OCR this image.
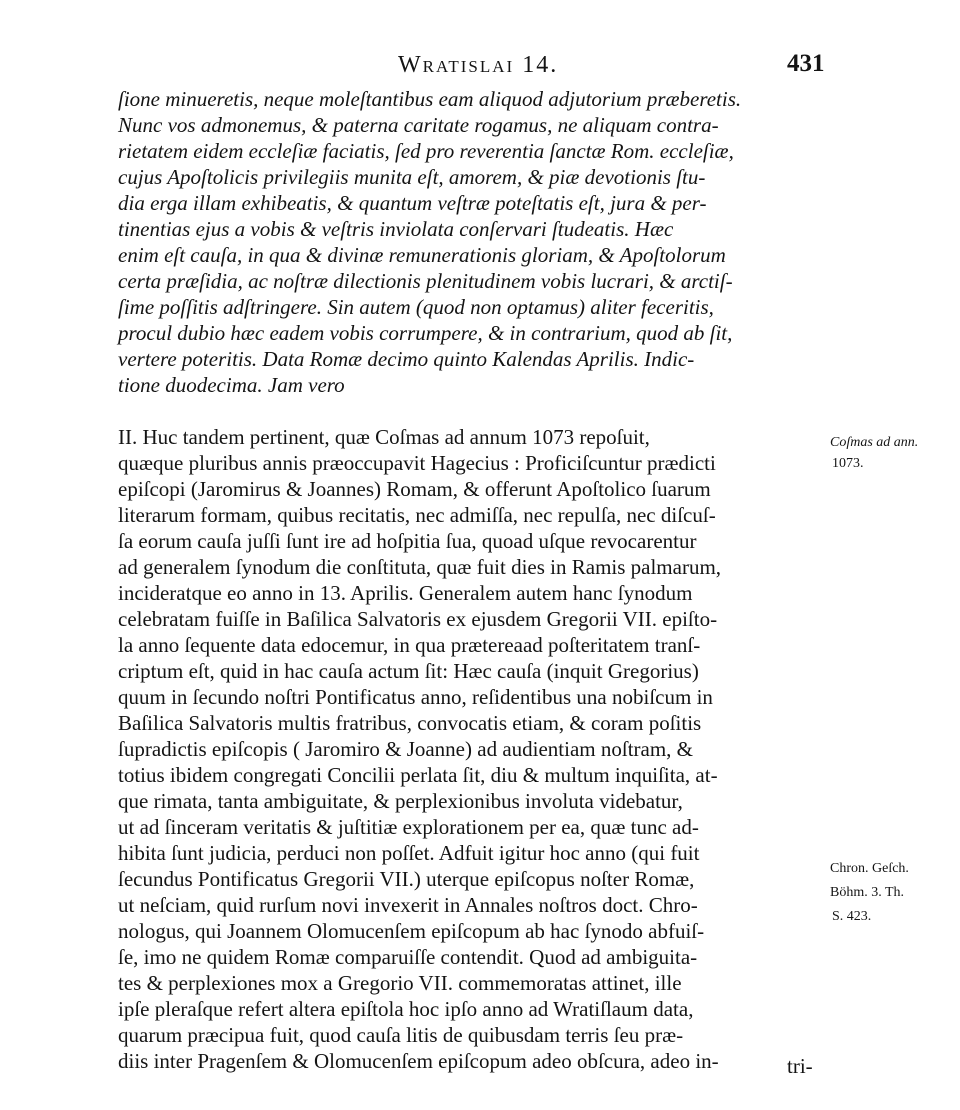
Wratislai 14.	431
ſione minueretis, neque moleſtantibus eam aliquod adjutorium præberetis.
Nunc vos admonemus, & paterna caritate rogamus, ne aliquam contra-
rietatem eidem eccleſiæ faciatis, ſed pro reverentia ſanctæ Rom. eccleſiæ,
cujus Apoſtolicis privilegiis munita eſt, amorem, & piæ devotionis ſtu-
dia erga illam exhibeatis, & quantum veſtræ poteſtatis eſt, jura & per-
tinentias ejus a vobis & veſtris inviolata conſervari ſtudeatis. Hæc
enim eſt cauſa, in qua & divinæ remunerationis gloriam, & Apoſtolorum
certa præſidia, ac noſtræ dilectionis plenitudinem vobis lucrari, & arctiſ-
ſime poſſitis adſtringere. Sin autem (quod non optamus) aliter feceritis,
procul dubio hæc eadem vobis corrumpere, & in contrarium, quod ab ſit,
vertere poteritis. Data Romæ decimo quinto Kalendas Aprilis. Indic-
tione duodecima. Jam vero
II. Huc tandem pertinent, quæ Coſmas ad annum 1073 repoſuit,
quæque pluribus annis præoccupavit Hagecius : Proficiſcuntur prædicti
epiſcopi (Jaromirus & Joannes) Romam, & offerunt Apoſtolico ſuarum
literarum formam, quibus recitatis, nec admiſſa, nec repulſa, nec diſcuſ-
ſa eorum cauſa juſſi ſunt ire ad hoſpitia ſua, quoad uſque revocarentur
ad generalem ſynodum die conſtituta, quæ fuit dies in Ramis palmarum,
incideratque eo anno in 13. Aprilis. Generalem autem hanc ſynodum
celebratam fuiſſe in Baſilica Salvatoris ex ejusdem Gregorii VII. epiſto-
la anno ſequente data edocemur, in qua prætereaad poſteritatem tranſ-
criptum eſt, quid in hac cauſa actum ſit: Hæc cauſa (inquit Gregorius)
quum in ſecundo noſtri Pontificatus anno, reſidentibus una nobiſcum in
Baſilica Salvatoris multis fratribus, convocatis etiam, & coram poſitis
ſupradictis epiſcopis ( Jaromiro & Joanne) ad audientiam noſtram, &
totius ibidem congregati Concilii perlata ſit, diu & multum inquiſita, at-
que rimata, tanta ambiguitate, & perplexionibus involuta videbatur,
ut ad ſinceram veritatis & juſtitiæ explorationem per ea, quæ tunc ad-
hibita ſunt judicia, perduci non poſſet. Adfuit igitur hoc anno (qui fuit
ſecundus Pontificatus Gregorii VII.) uterque epiſcopus noſter Romæ,
ut neſciam, quid rurſum novi invexerit in Annales noſtros doct. Chro-
nologus, qui Joannem Olomucenſem epiſcopum ab hac ſynodo abfuiſ-
ſe, imo ne quidem Romæ comparuiſſe contendit. Quod ad ambiguita-
tes & perplexiones mox a Gregorio VII. commemoratas attinet, ille
ipſe pleraſque refert altera epiſtola hoc ipſo anno ad Wratiſlaum data,
quarum præcipua fuit, quod cauſa litis de quibusdam terris ſeu præ-
diis inter Pragenſem & Olomucenſem epiſcopum adeo obſcura, adeo in-
Coſmas ad ann.
1073.
Chron. Geſch.
Böhm. 3. Th.
S. 423.
tri-
